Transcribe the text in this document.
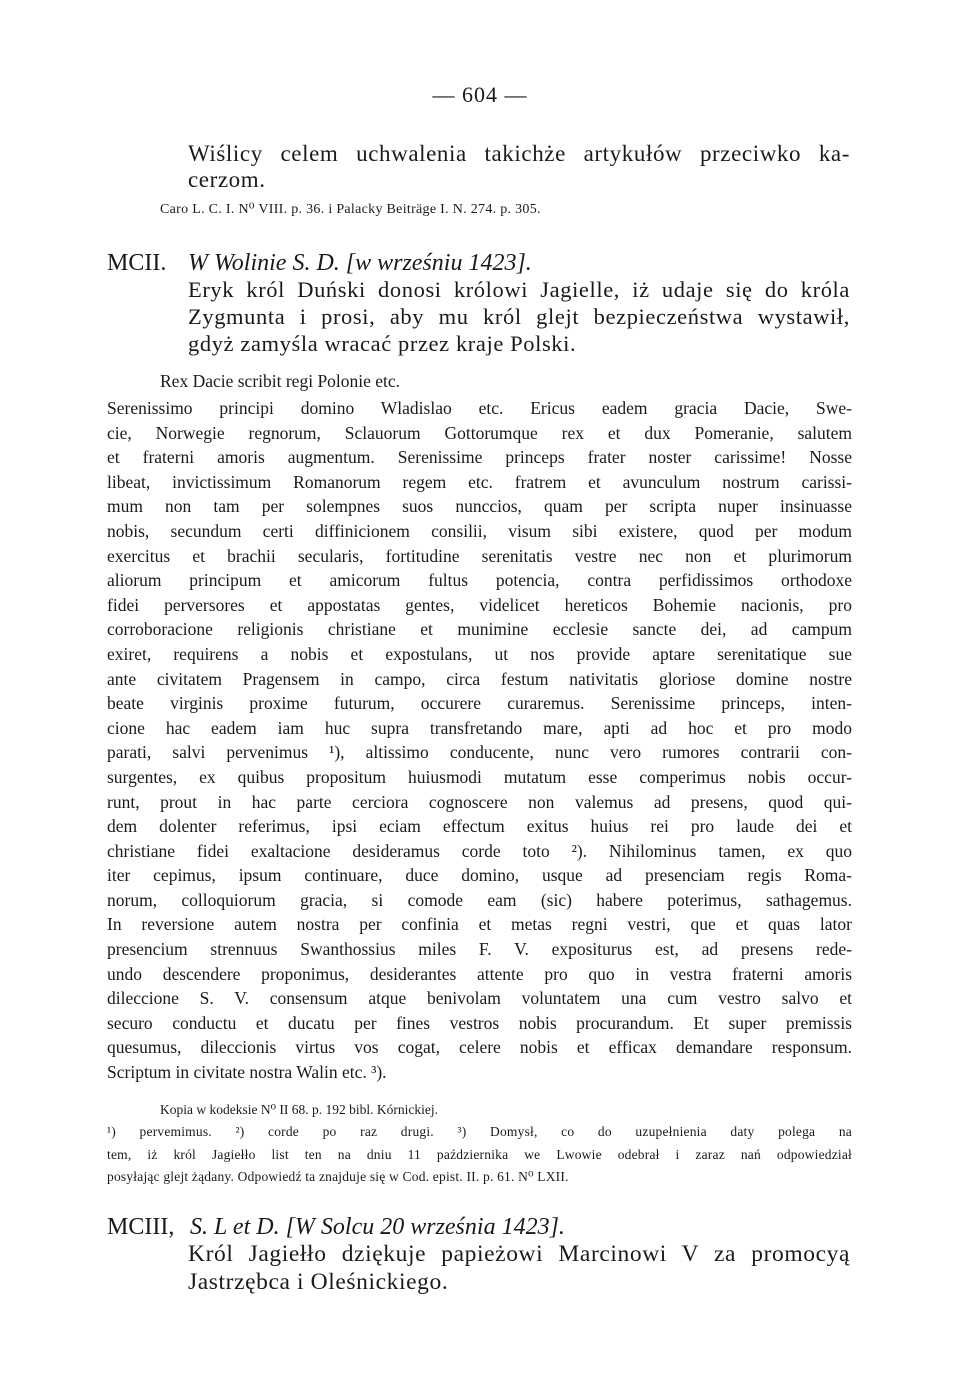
— 604 —
Wiślicy celem uchwalenia takichże artykułów przeciwko ka-
cerzom.
Caro L. C. I. N⁰ VIII. p. 36. i Palacky Beiträge I. N. 274. p. 305.
MCII. W Wolinie S. D. [w wrześniu 1423].
Eryk król Duński donosi królowi Jagielle, iż udaje się do króla
Zygmunta i prosi, aby mu król glejt bezpieczeństwa wystawił,
gdyż zamyśla wracać przez kraje Polski.
Rex Dacie scribit regi Polonie etc.
Serenissimo principi domino Wladislao etc. Ericus eadem gracia Dacie, Swe-
cie, Norwegie regnorum, Sclauorum Gottorumque rex et dux Pomeranie, salutem
et fraterni amoris augmentum. Serenissime princeps frater noster carissime! Nosse
libeat, invictissimum Romanorum regem etc. fratrem et avunculum nostrum carissi-
mum non tam per solempnes suos nunccios, quam per scripta nuper insinuasse
nobis, secundum certi diffinicionem consilii, visum sibi existere, quod per modum
exercitus et brachii secularis, fortitudine serenitatis vestre nec non et plurimorum
aliorum principum et amicorum fultus potencia, contra perfidissimos orthodoxe
fidei perversores et appostatas gentes, videlicet hereticos Bohemie nacionis, pro
corroboracione religionis christiane et munimine ecclesie sancte dei, ad campum
exiret, requirens a nobis et expostulans, ut nos provide aptare serenitatique sue
ante civitatem Pragensem in campo, circa festum nativitatis gloriose domine nostre
beate virginis proxime futurum, occurere curaremus. Serenissime princeps, inten-
cione hac eadem iam huc supra transfretando mare, apti ad hoc et pro modo
parati, salvi pervenimus ¹), altissimo conducente, nunc vero rumores contrarii con-
surgentes, ex quibus propositum huiusmodi mutatum esse comperimus nobis occur-
runt, prout in hac parte cerciora cognoscere non valemus ad presens, quod qui-
dem dolenter referimus, ipsi eciam effectum exitus huius rei pro laude dei et
christiane fidei exaltacione desideramus corde toto ²). Nihilominus tamen, ex quo
iter cepimus, ipsum continuare, duce domino, usque ad presenciam regis Roma-
norum, colloquiorum gracia, si comode eam (sic) habere poterimus, sathagemus.
In reversione autem nostra per confinia et metas regni vestri, que et quas lator
presencium strennuus Swanthossius miles F. V. expositurus est, ad presens rede-
undo descendere proponimus, desiderantes attente pro quo in vestra fraterni amoris
dileccione S. V. consensum atque benivolam voluntatem una cum vestro salvo et
securo conductu et ducatu per fines vestros nobis procurandum. Et super premissis
quesumus, dileccionis virtus vos cogat, celere nobis et efficax demandare responsum.
Scriptum in civitate nostra Walin etc. ³).
Kopia w kodeksie N⁰ II 68. p. 192 bibl. Kórnickiej.
¹) pervemimus. ²) corde po raz drugi. ³) Domysł, co do uzupełnienia daty polega na
tem, iż król Jagiełło list ten na dniu 11 października we Lwowie odebrał i zaraz nań odpowiedział
posyłając glejt żądany. Odpowiedź ta znajduje się w Cod. epist. II. p. 61. N⁰ LXII.
MCIII, S. L et D. [W Solcu 20 września 1423].
Król Jagiełło dziękuje papieżowi Marcinowi V za promocyą
Jastrzębca i Oleśnickiego.
